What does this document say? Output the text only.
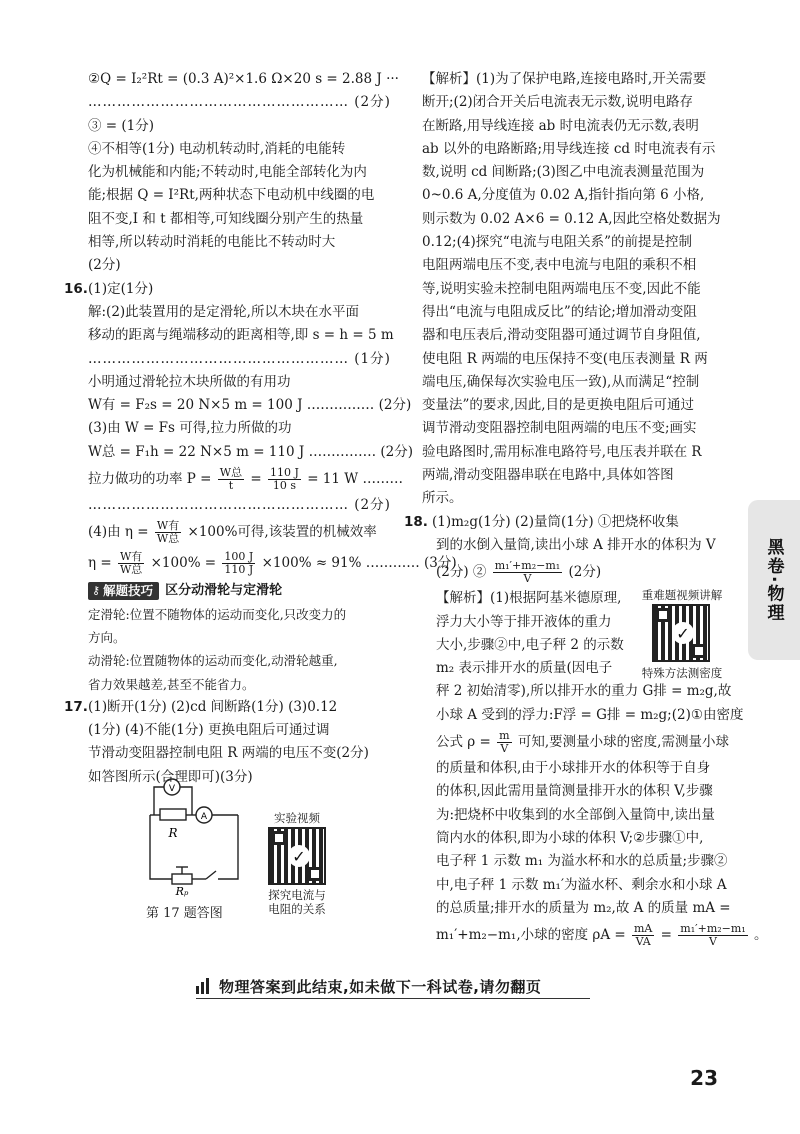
②Q = I₂²Rt = (0.3 A)²×1.6 Ω×20 s = 2.88 J ···
……………………………………………… (2分)
③ = (1分)
④不相等(1分) 电动机转动时,消耗的电能转
化为机械能和内能;不转动时,电能全部转化为内
能;根据 Q = I²Rt,两种状态下电动机中线圈的电
阻不变,I 和 t 都相等,可知线圈分别产生的热量
相等,所以转动时消耗的电能比不转动时大
(2分)
16.(1)定(1分)
解:(2)此装置用的是定滑轮,所以木块在水平面
移动的距离与绳端移动的距离相等,即 s = h = 5 m
……………………………………………… (1分)
小明通过滑轮拉木块所做的有用功
W有 = F₂s = 20 N×5 m = 100 J …………… (2分)
(3)由 W = Fs 可得,拉力所做的功
W总 = F₁h = 22 N×5 m = 110 J …………… (2分)
拉力做功的功率 $P = \frac{\text{W总}}{t} = \frac{110 J}{10 s} = 11$ W ………
……………………………………………… (2分)
(4)由 $\eta = \frac{\text{W有}}{\text{W总}} \times 100\%$可得,该装置的机械效率
$\eta = \frac{\text{W有}}{\text{W总}} \times 100\% = \frac{100 J}{110 J} \times 100\% \approx 91\%$ ………… (3分)
⚷ 解题技巧 区分动滑轮与定滑轮
定滑轮:位置不随物体的运动而变化,只改变力的
方向。
动滑轮:位置随物体的运动而变化,动滑轮越重,
省力效果越差,甚至不能省力。
17.(1)断开(1分) (2)cd 间断路(1分) (3)0.12
(1分) (4)不能(1分) 更换电阻后可通过调
节滑动变阻器控制电阻 R 两端的电压不变(2分)
如答图所示(合理即可)(3分)
V
A
R
Rₚ
第 17 题答图
实验视频
✓
探究电流与
电阻的关系
【解析】(1)为了保护电路,连接电路时,开关需要
断开;(2)闭合开关后电流表无示数,说明电路存
在断路,用导线连接 ab 时电流表仍无示数,表明
ab 以外的电路断路;用导线连接 cd 时电流表有示
数,说明 cd 间断路;(3)图乙中电流表测量范围为
0~0.6 A,分度值为 0.02 A,指针指向第 6 小格,
则示数为 0.02 A×6 = 0.12 A,因此空格处数据为
0.12;(4)探究“电流与电阻关系”的前提是控制
电阻两端电压不变,表中电流与电阻的乘积不相
等,说明实验未控制电阻两端电压不变,因此不能
得出“电流与电阻成反比”的结论;增加滑动变阻
器和电压表后,滑动变阻器可通过调节自身阻值,
使电阻 R 两端的电压保持不变(电压表测量 R 两
端电压,确保每次实验电压一致),从而满足“控制
变量法”的要求,因此,目的是更换电阻后可通过
调节滑动变阻器控制电阻两端的电压不变;画实
验电路图时,需用标准电路符号,电压表并联在 R
两端,滑动变阻器串联在电路中,具体如答图
所示。
18. (1)m₂g(1分) (2)量筒(1分) ①把烧杯收集
到的水倒入量筒,读出小球 A 排开水的体积为 V
(2分) ② $\frac{\text{m₁′+m₂−m₁}}{V} (2$分)
【解析】(1)根据阿基米德原理,
浮力大小等于排开液体的重力
大小,步骤②中,电子秤 2 的示数
m₂ 表示排开水的质量(因电子
秤 2 初始清零),所以排开水的重力 G排 = m₂g,故
小球 A 受到的浮力:F浮 = G排 = m₂g;(2)①由密度
公式 $\rho = \frac{m}{V}$ 可知,要测量小球的密度,需测量小球
的质量和体积,由于小球排开水的体积等于自身
的体积,因此需用量筒测量排开水的体积 V,步骤
为:把烧杯中收集到的水全部倒入量筒中,读出量
筒内水的体积,即为小球的体积 V;②步骤①中,
电子秤 1 示数 m₁ 为溢水杯和水的总质量;步骤②
中,电子秤 1 示数 m₁′为溢水杯、剩余水和小球 A
的总质量;排开水的质量为 m₂,故 A 的质量 mA =
m₁′+m₂−m₁,小球的密度 $\rho A = \frac{mA}{VA} = \frac{\text{m₁′+m₂−m₁}}{V}$ 。
重难题视频讲解
✓
特殊方法测密度
黑卷·物理
物理答案到此结束,如未做下一科试卷,请勿翻页
23
